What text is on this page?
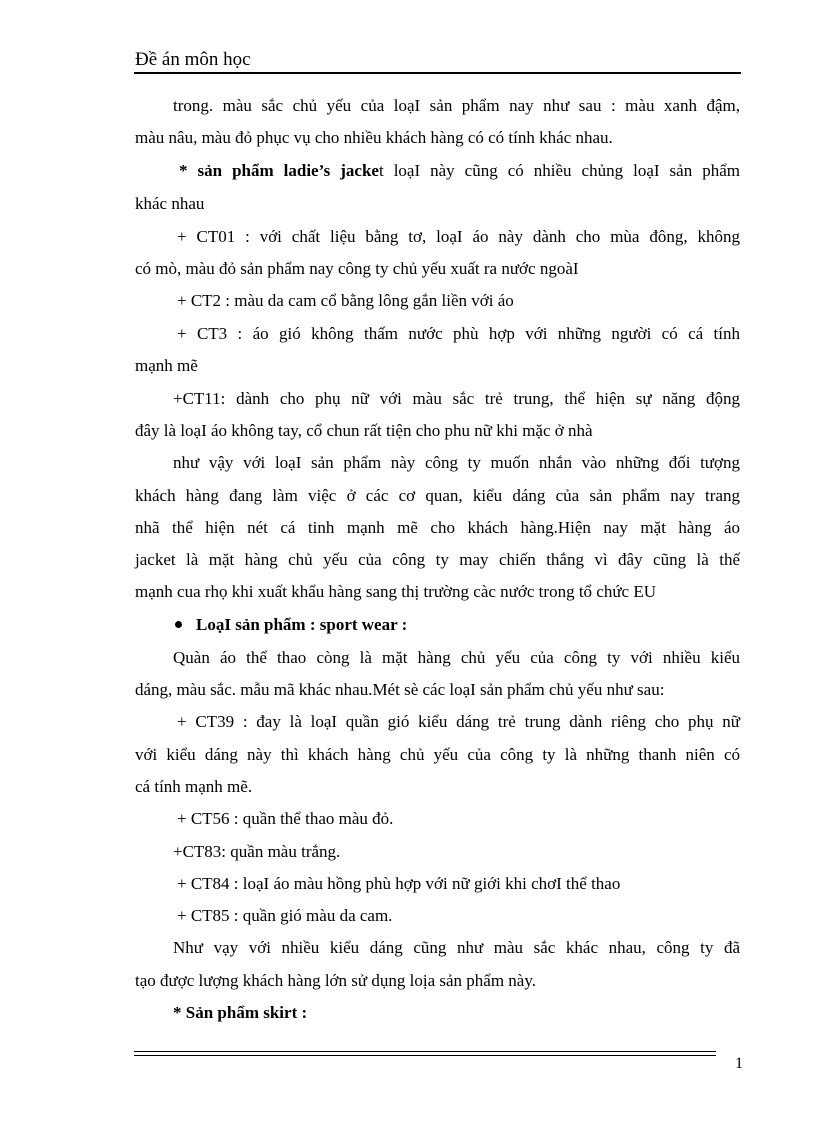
Đề án môn học
trong. màu sắc chủ yếu của loạI sản phẩm nay như sau : màu xanh đậm,
màu nâu, màu đỏ phục vụ cho nhiều khách hàng có có tính khác nhau.
* sản phẩm ladie’s jacket loạI này cũng có nhiều chủng loạI sản phẩm
khác nhau
+ CT01 : với chất liệu bằng tơ, loạI áo này dành cho mùa đông, không
có mò, màu đỏ sản phẩm nay công ty chủ yếu xuất ra nước ngoàI
+ CT2 : màu da cam cổ bằng lông gắn liền với áo
+ CT3 : áo gió không thấm nước phù hợp với những người có cá tính
mạnh mẽ
+CT11: dành cho phụ nữ với màu sắc trẻ trung, thể hiện sự năng động
đây là loạI áo không tay, cổ chun rất tiện cho phu nữ khi mặc ở nhà
như vậy với loạI sản phẩm này công ty muốn nhắn vào những đối tượng
khách hàng đang làm việc ở các cơ quan, kiểu dáng của sản phẩm nay trang
nhã thể hiện nét cá tinh mạnh mẽ cho khách hàng.Hiện nay mặt hàng áo
jacket là mặt hàng chủ yếu của công ty may chiến thắng vì đây cũng là thế
mạnh cua rhọ khi xuất khẩu hàng sang thị trường càc nước trong tổ chức EU
LoạI sản phẩm : sport wear :
Quàn áo thể thao còng là mặt hàng chủ yếu của công ty với nhiều kiểu
dáng, màu sắc. mẫu mã khác nhau.Mét sè các loạI sản phẩm chủ yếu như sau:
+ CT39 : đay là loạI quần gió kiểu dáng trẻ trung dành riêng cho phụ nữ
với kiểu dáng này thì khách hàng chủ yếu của công ty là những thanh niên có
cá tính mạnh mẽ.
+ CT56 : quần thể thao màu đỏ.
+CT83: quần màu trắng.
+ CT84 : loạI áo màu hồng phù hợp với nữ giới khi chơI thể thao
+ CT85 : quần gió màu da cam.
Như vạy với nhiều kiểu dáng cũng như màu sắc khác nhau, công ty đã
tạo được lượng khách hàng lớn sử dụng loịa sản phẩm này.
* Sản phẩm skirt :
1
